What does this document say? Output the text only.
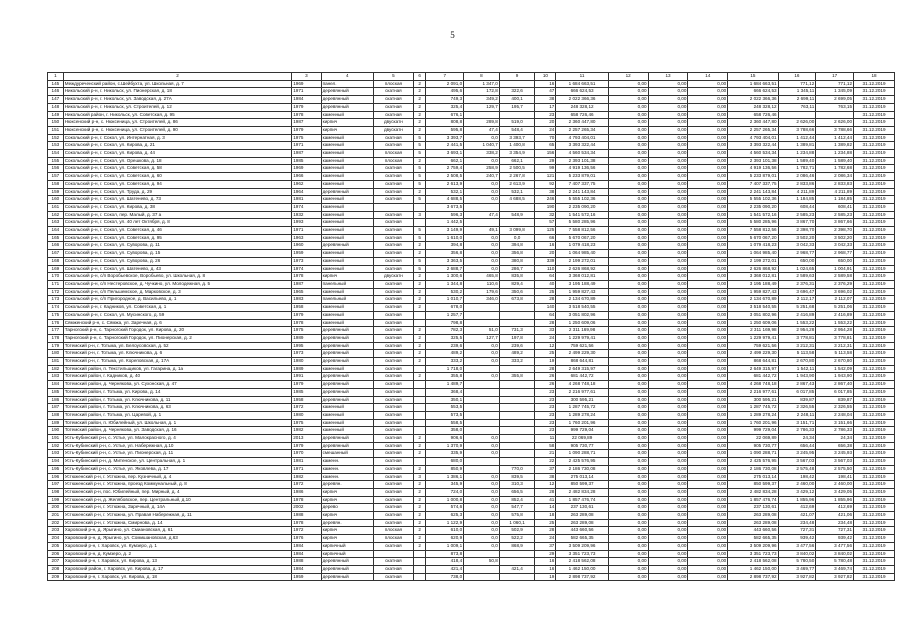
5
1	2	3	4	5	6	7	8	9	10	11	12	13	14	15	16	17	18
145	Междуреченский район, с.Шейбухта, ул. Школьная, д. 7	1969	панел.	плоская	2	2 091,0	1 347,0		16	1 684 663,51	0,00	0,00	0,00	1 684 663,51	771,12	771,12	31.12.2019
146	Никольский р-н, г. Никольск, ул. Пионерская, д. 18	1971	деревянный	скатная	2	495,6	172,8	322,6	47	666 624,53	0,00	0,00	0,00	666 624,53	1 345,11	1 345,09	31.12.2019
147	Никольский р-н, г. Никольск, ул. Заводская, д. 27А	1984	деревянный	скатная	2	749,3	349,2	400,1	38	2 022 366,36	0,00	0,00	0,00	2 022 366,36	2 699,11	2 699,05	31.12.2019
148	Никольский р-н, г. Никольск, ул. Строителей, д. 12	1979	деревянный	скатная	2	325,4	129,7	195,7	17	248 328,12	0,00	0,00	0,00	248 328,12	763,11	763,15	31.12.2019
149	Никольский район, г. Никольск, ул. Советская, д. 95	1978	каменный	скатная	2	676,1			23	658 726,46	0,00	0,00	0,00	658 726,46			31.12.2019
150	Нюксенский р-н, с. Нюксеница, ул. Строителей, д. 86	1987	кирпич	двускатн	2	808,8	289,8	519,0	20	2 360 447,80	0,00	0,00	0,00	2 360 447,80	2 626,00	2 626,00	31.12.2019
151	Нюксенский р-н, с. Нюксеница, ул. Строителей, д. 90	1979	кирпич	двускатн	2	595,8	47,4	548,4	24	2 257 265,34	0,00	0,00	0,00	2 257 265,34	3 788,66	3 788,66	31.12.2019
152	Сокольский р-н, г. Сокол, ул. Интернатная, д. 3	1975	каменный	скатная	5	3 393,7	0,0	3 393,7	70	4 793 404,01	0,00	0,00	0,00	4 793 404,01	1 412,44	1 412,44	31.12.2019
153	Сокольский р-н, г. Сокол, ул. Кирова, д. 21	1971	каменный	скатная	5	2 441,5	1 040,7	1 400,8	65	3 393 322,44	0,00	0,00	0,00	3 393 322,44	1 389,81	1 389,82	31.12.2019
154	Сокольский р-н, г. Сокол, ул. Кирова, д. 44	1987	каменный	плоская	5	3 693,1	338,2	3 354,9	156	4 560 534,34	0,00	0,00	0,00	4 560 534,34	1 234,88	1 234,88	31.12.2019
155	Сокольский р-н, г. Сокол, ул. Орешкова, д. 18	1985	каменный	плоская	2	662,1	0,0	662,1	29	2 393 101,38	0,00	0,00	0,00	2 393 101,38	1 589,40	1 589,40	31.12.2019
156	Сокольский р-н, г. Сокол, ул. Советская, д. 58	1969	каменный	скатная	5	2 759,4	258,9	2 500,5	99	4 919 136,56	0,00	0,00	0,00	4 919 136,56	1 782,71	1 782,68	31.12.2019
157	Сокольский р-н, г. Сокол, ул. Советская, д. 60	1966	каменный	скатная	5	2 508,5	240,7	2 267,8	121	5 233 879,01	0,00	0,00	0,00	5 233 879,01	2 086,46	2 086,34	31.12.2019
158	Сокольский р-н, г. Сокол, ул. Советская, д. 94	1962	каменный	скатная	5	2 613,9	0,0	2 613,9	92	7 407 337,75	0,00	0,00	0,00	7 407 337,75	2 833,86	2 833,83	31.12.2019
159	Сокольский р-н, г. Сокол, ул. Труда, д. 29	1964	деревянный	скатная	2	532,1	0,0	532,1	38	2 241 143,84	0,00	0,00	0,00	2 241 143,84	4 211,89	4 211,89	31.12.2019
160	Сокольский р-н, г. Сокол, ул. Шатенево, д. 73	1981	каменный	скатная	5	4 688,5	0,0	4 688,5	246	5 555 102,36	0,00	0,00	0,00	5 555 102,36	1 184,85	1 184,85	31.12.2019
161	Сокольский р-н, г. Сокол, ул. Кирова, д. 38	1974	каменный			3 673,5			190	2 235 090,20	0,00	0,00	0,00	2 235 090,20	608,44	608,41	31.12.2019
162	Сокольский р-н, г. Сокол, пер. Малый, д. 37 а	1932	каменный	скатная	3	596,3	47,4	548,9	32	1 541 572,16	0,00	0,00	0,00	1 541 572,16	2 585,23	2 585,23	31.12.2019
163	Сокольский р-н, г. Сокол, ул. 40 лет Октября, д. 8	1993	каменный	скатная		1 442,5			57	5 580 285,96	0,00	0,00	0,00	5 580 285,96	3 867,70	3 867,66	31.12.2019
164	Сокольский р-н, г. Сокол, ул. Советская, д. 46	1971	каменный	скатная	5	3 149,9	49,1	3 099,8	125	7 558 812,56	0,00	0,00	0,00	7 558 812,56	2 398,70	2 398,70	31.12.2019
165	Сокольский р-н, г. Сокол, ул. Советская, д. 95	1963	каменный	скатная	5	1 610,0	0,0	0,0	66	5 670 067,20	0,00	0,00	0,00	5 670 067,20	3 502,20	3 502,20	31.12.2019
166	Сокольский р-н, г. Сокол, ул. Суворова, д. 11	1960	деревянный	скатная	2	394,8	0,0	394,8	16	1 079 418,23	0,00	0,00	0,00	1 079 418,23	3 042,33	3 042,33	31.12.2019
167	Сокольский р-н, г. Сокол, ул. Суворова, д. 15	1959	каменный	скатная	2	356,8	0,0	356,8	20	1 064 985,40	0,00	0,00	0,00	1 064 985,40	2 968,77	2 968,77	31.12.2019
168	Сокольский р-н, г. Сокол, ул. Суворова, д. 26	1973	каменный	скатная	5	3 363,5	0,0	380,8	339	2 199 272,01	0,00	0,00	0,00	2 199 272,01	650,00	650,00	31.12.2019
169	Сокольский р-н, г. Сокол, ул. Шатенево, д. 43	1974	каменный	скатная	5	2 688,7	0,0	286,7	110	2 626 868,92	0,00	0,00	0,00	2 626 868,92	1 024,65	1 004,91	31.12.2019
170	Сокольский р-н, с/п Воробьевское, Воробьево, ул. Школьная, д. 8	1978	кирпич	двускатн	2	1 300,6	465,8	835,8	64	3 368 012,81	0,00	0,00	0,00	3 368 012,81	2 589,63	2 589,58	31.12.2019
171	Сокольский р-н, с/п Нестеровское, д. Чучкино, ул. Молодежная, д. 5	1987	панельный	скатная	2	1 344,8	110,6	829,4	40	3 195 188,49	0,00	0,00	0,00	3 195 188,49	2 376,31	2 376,29	31.12.2019
172	Сокольский р-н, с/п Пельшемское, д. Марковское, д. 3	1965	каменный	скатная	2	530,2	179,6	350,6	25	1 959 827,43	0,00	0,00	0,00	1 959 827,43	3 696,47	3 696,02	31.12.2019
173	Сокольский р-н, с/п Пригородное, д. Васильево, д. 1	1983	панельный	скатная	2	1 010,7	346,0	673,8	28	2 134 670,89	0,00	0,00	0,00	2 134 670,89	2 112,17	2 112,07	31.12.2019
174	Сокольский р-н, г. Кадников, ул. Советская, д. 1	1958	каменный	скатная	2	678,0			140	3 518 540,55	0,00	0,00	0,00	3 518 540,55	5 251,68	5 251,06	31.12.2019
175	Сокольский р-н, г. Сокол, ул. Мусинского, д. 59	1979	каменный	скатная		1 257,7			64	3 051 802,96	0,00	0,00	0,00	3 051 802,96	2 416,89	2 416,89	31.12.2019
176	Сямженский р-н, с. Сямжа, ул. Заречная, д. 6	1978	каменный	скатная		798,8			28	1 250 609,06	0,00	0,00	0,00	1 250 609,06	1 553,22	1 553,22	31.12.2019
177	Тарногский р-н, с. Тарногский Городок, ул. Кирова, д. 20	1975	деревянный	скатная	2	782,3	51,0	731,3	33	2 311 169,98	0,00	0,00	0,00	2 311 169,98	2 954,28	2 954,28	31.12.2019
178	Тарногский р-н, с. Тарногский Городок, ул. Пионерская, д. 2	1989	деревянный	скатная	2	325,5	127,7	197,8	24	1 229 979,41	0,00	0,00	0,00	1 229 979,41	3 778,81	3 778,81	31.12.2019
179	Тотемский р-н, г. Тотьма, ул. Белоусовская, д. 52	1995	деревянный	скатная	2	239,6	0,0	239,6	12	759 621,56	0,00	0,00	0,00	759 621,56	3 212,31	3 212,31	31.12.2019
180	Тотемский р-н, г. Тотьма, ул. Ключникова, д. 6	1973	деревянный	скатная	2	489,2	0,0	489,2	25	2 499 229,30	0,00	0,00	0,00	2 499 229,30	5 113,58	5 113,58	31.12.2019
181	Тотемский р-н, г. Тотьма, ул. Кореповская, д. 17А	1980	деревянный	скатная	2	333,2	0,0	333,2	19	868 644,81	0,00	0,00	0,00	868 644,81	2 670,80	2 670,80	31.12.2019
182	Тотемский район, п. Текстильщиков, ул. Гагарина, д. 1а	1989	каменный	скатная		1 718,0			28	2 649 315,97	0,00	0,00	0,00	2 649 315,97	1 542,11	1 542,09	31.12.2019
183	Тотемский район, г. Кадников, д. 40	1991	деревянный	скатная	2	355,8	0,0	355,8	26	681 442,72	0,00	0,00	0,00	681 442,72	1 943,90	1 943,90	31.12.2019
184	Тотемский район, д. Чернякова, ул. Сухонская, д. 47	1979	деревянный	скатная		1 489,7			26	4 268 748,18	0,00	0,00	0,00	4 268 748,18	2 867,43	2 867,40	31.12.2019
185	Тотемский район, г. Тотьма, ул. Кирова, д. 14	1985	деревянный	скатная		368,4			23	2 216 977,61	0,00	0,00	0,00	2 216 977,61	6 017,85	6 017,85	31.12.2019
186	Тотемский район, г. Тотьма, ул. Ключникова, д. 11	1958	деревянный	скатная		350,1			23	300 595,21	0,00	0,00	0,00	300 595,21	839,87	839,87	31.12.2019
187	Тотемский район, г. Тотьма, ул. Ключникова, д. 63	1972	каменный	скатная		553,5			23	1 287 745,72	0,00	0,00	0,00	1 287 745,72	2 326,55	2 326,55	31.12.2019
188	Тотемский район, г. Тотьма, ул. Царевой, д. 1	1980	каменный	скатная		573,5			23	1 289 278,24	0,00	0,00	0,00	1 289 278,24	2 248,11	2 248,04	31.12.2019
189	Тотемский район, п. Юбилейный, ул. Школьная, д. 1	1975	каменный	скатная		558,5			23	1 760 201,96	0,00	0,00	0,00	1 760 201,96	3 151,71	3 151,66	31.12.2019
190	Тотемский район, д. Чернякова, ул. Заводская, д. 16	1982	каменный	скатная		358,0			23	999 729,04	0,00	0,00	0,00	999 729,04	2 786,33	2 786,33	31.12.2019
191	Усть-Кубинский р-н, с. Устье, ул. Малокрасного, д. 4	2013	деревянный	скатная	2	906,6	0,0		11	22 069,89	0,00	0,00	0,00	22 069,89	24,34	24,34	31.12.2019
192	Усть-Кубинский р-н, с. Устье, ул. Набережная, д.10	1979	деревянный	скатная	2	1 370,9	0,0		58	905 730,77	0,00	0,00	0,00	905 730,77	656,44	656,38	31.12.2019
193	Усть-Кубинский р-н, с. Устье, ул. Пионерская, д. 11	1970	смешанный	скатная	2	335,9	0,0		21	1 090 288,71	0,00	0,00	0,00	1 090 288,71	3 245,95	3 245,93	31.12.2019
194	Усть-Кубинский р-н, д. Митенское, ул. Центральная, д. 1	1981	каменн.	скатная		680,0			22	2 425 576,95	0,00	0,00	0,00	2 425 576,95	3 567,03	3 567,03	31.12.2019
195	Усть-Кубинский р-н, с. Устье, ул. Яковлева, д. 17	1971	каменн.	скатная	2	850,9		770,0	37	2 186 730,08	0,00	0,00	0,00	2 186 730,08	2 575,48	2 575,50	31.12.2019
196	Устюженский р-н, г. Устюжна, пер. Кузнечный, д. 4	1982	каменн.	скатная	3	1 386,1	0,0	839,5	38	275 013,14	0,00	0,00	0,00	275 013,14	198,42	198,41	31.12.2019
197	Устюженский р-н, г. Устюжна, проезд Коммунальный, д. 8	1972	деревян.	скатная	2	345,9	0,0	310,3	12	850 599,37	0,00	0,00	0,00	850 599,37	2 460,00	2 460,00	31.12.2019
198	Устюженский р-н, пос. Юбилейный, пер. Мирный, д. 4	1986	кирпич	скатная	2	724,0	0,0	656,5	28	2 482 834,28	0,00	0,00	0,00	2 482 834,28	3 429,12	3 429,05	31.12.2019
199	Устюженский р-н, д. Желябовское, пер. Центральный, д.10	1978	кирпич	скатная	2	1 000,8	0,0	852,4	41	1 857 476,74	0,00	0,00	0,00	1 857 476,74	1 855,96	1 855,96	31.12.2019
200	Устюженский р-н, г. Устюжна, Заречный, д. 14А	2002	дерево	скатная	2	574,6	0,0	547,7	14	237 130,61	0,00	0,00	0,00	237 130,61	412,69	412,69	31.12.2019
201	Устюженский р-н, г. Устюжна, ул. Правая Набережная, д. 11	1988	кирпич	скатная	2	625,3	0,0	575,8	18	263 289,08	0,00	0,00	0,00	263 289,08	421,07	421,06	31.12.2019
202	Устюженский р-н, г. Устюжна, Смирнова, д. 14	1978	деревян.	скатная	2	1 122,9	0,0	1 060,1	25	263 289,08	0,00	0,00	0,00	263 289,08	234,48	234,48	31.12.2019
203	Харовский р-н, д. Ярыгино, ул. Смиановская, д. 61	1972	кирпич	плоская	2	610,0	0,0	502,9	28	443 660,56	0,00	0,00	0,00	443 660,56	727,31	727,31	31.12.2019
204	Харовский р-н, д. Ярыгино, ул. Сомишановская, д.63	1976	кирпич	плоская	2	620,9	0,0	522,2	24	582 665,35	0,00	0,00	0,00	582 665,35	939,42	939,42	31.12.2019
205	Харовский р-н, г. Харовск, ул. Кумзеро, д. 1	1984	кирпичный	скатная	2	1 009,1	0,0	868,9	37	3 509 209,96	0,00	0,00	0,00	3 509 209,96	3 477,56	3 477,56	31.12.2019
206	Харовский р-н, д. Кумзеро, д. 2	1984	кирпичный			873,8			29	3 351 723,73	0,00	0,00	0,00	3 351 723,73	3 840,02	3 840,02	31.12.2019
207	Харовский р-н, г. Харовск, ул. Кирова, д. 13	1988	деревянный	скатная		418,4	50,8		16	2 418 562,08	0,00	0,00	0,00	2 418 562,08	5 780,50	5 780,48	31.12.2019
208	Харовский район, г. Харовск, ул. Кирова, д. 17	1984	деревянный	скатная		421,4		421,4	16	1 462 150,00	0,00	0,00	0,00	1 462 150,00	3 469,77	3 469,74	31.12.2019
209	Харовский р-н, г. Харовск, ул. Кирова, д. 18	1959	деревянный	скатная		738,0			19	2 898 737,92	0,00	0,00	0,00	2 898 737,92	3 927,82	3 927,82	31.12.2019
